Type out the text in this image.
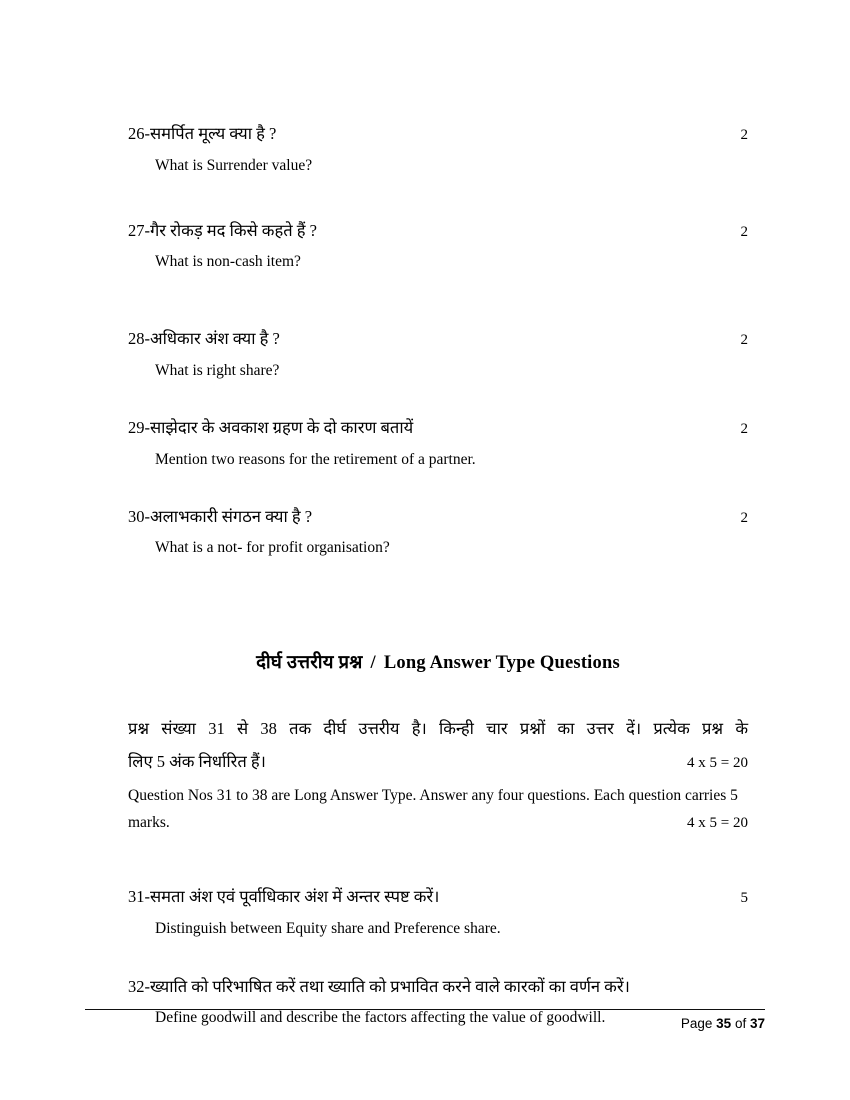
26-समर्पित मूल्य क्या है ?	2
What is Surrender value?
27-गैर रोकड़ मद किसे कहते हैं ?	2
What is non-cash item?
28-अधिकार अंश क्या है ?	2
What is right share?
29-साझेदार के अवकाश ग्रहण के दो कारण बतायें	2
Mention two reasons for the retirement of a partner.
30-अलाभकारी संगठन क्या है ?	2
What is a not- for profit organisation?
दीर्घ उत्तरीय प्रश्न / Long Answer Type Questions
प्रश्न संख्या 31 से 38 तक दीर्घ उत्तरीय है। किन्ही चार प्रश्नों का उत्तर दें। प्रत्येक प्रश्न के
लिए 5 अंक निर्धारित हैं।	4 x 5 = 20
Question Nos 31 to 38 are Long Answer Type. Answer any four questions. Each question carries 5
marks.	4 x 5 = 20
31-समता अंश एवं पूर्वाधिकार अंश में अन्तर स्पष्ट करें।	5
Distinguish between Equity share and Preference share.
32-ख्याति को परिभाषित करें तथा ख्याति को प्रभावित करने वाले कारकों का वर्णन करें।
Define goodwill and describe the factors affecting the value of goodwill.	Page 35 of 37
